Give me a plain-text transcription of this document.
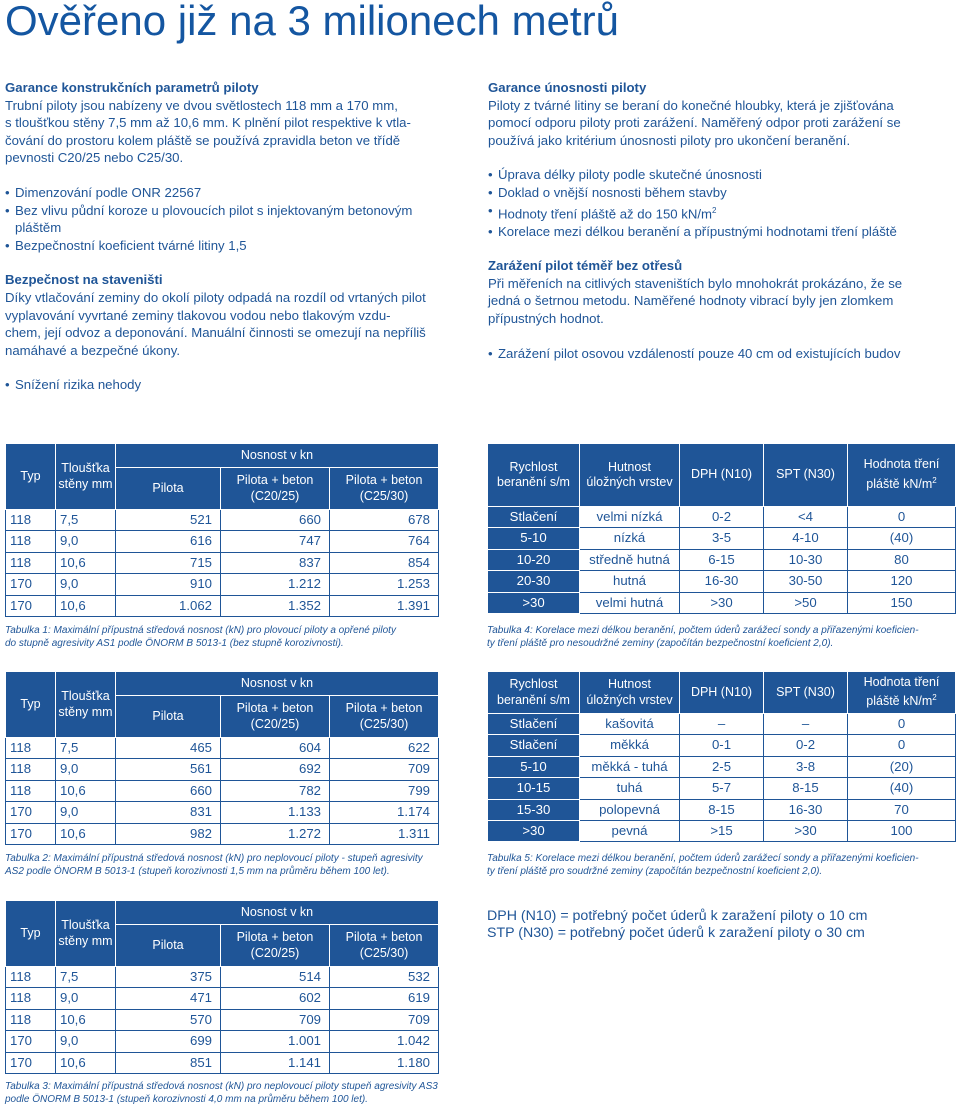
Ověřeno již na 3 milionech metrů

Garance konstrukčních parametrů piloty

Trubní piloty jsou nabízeny ve dvou světlostech 118 mm a 170 mm,

s tloušťkou stěny 7,5 mm až 10,6 mm. K plnění pilot respektive k vtla-

čování do prostoru kolem pláště se používá zpravidla beton ve třídě

pevnosti C20/25 nebo C25/30.

• Dimenzování podle ONR 22567
• Bez vlivu půdní koroze u plovoucích pilot s injektovaným betonovým
pláštěm
• Bezpečnostní koeficient tvárné litiny 1,5

Bezpečnost na staveništi

Díky vtlačování zeminy do okolí piloty odpadá na rozdíl od vrtaných pilot

vyplavování vyvrtané zeminy tlakovou vodou nebo tlakovým vzdu-

chem, její odvoz a deponování. Manuální činnosti se omezují na nepříliš

namáhavé a bezpečné úkony.

• Snížení rizika nehody

Garance únosnosti piloty

Piloty z tvárné litiny se beraní do konečné hloubky, která je zjišťována

pomocí odporu piloty proti zarážení. Naměřený odpor proti zarážení se

používá jako kritérium únosnosti piloty pro ukončení beranění.

• Úprava délky piloty podle skutečné únosnosti
• Doklad o vnější nosnosti během stavby
• Hodnoty tření pláště až do 150 $kN/m^2$
• Korelace mezi délkou beranění a přípustnými hodnotami tření pláště

Zarážení pilot téměř bez otřesů

Při měřeních na citlivých staveništích bylo mnohokrát prokázáno, že se

jedná o šetrnou metodu. Naměřené hodnoty vibrací byly jen zlomkem

přípustných hodnot.

• Zarážení pilot osovou vzdáleností pouze 40 cm od existujících budov
Typ	Tloušťka stěny mm	Nosnost v kn		
		Pilota	Pilota + beton (C20/25)	Pilota + beton (C25/30)
118	7,5	521	660	678
118	9,0	616	747	764
118	10,6	715	837	854
170	9,0	910	1.212	1.253
170	10,6	1.062	1.352	1.391
Tabulka 1: Maximální přípustná středová nosnost (kN) pro plovoucí piloty a opřené piloty
do stupně agresivity AS1 podle ÖNORM B 5013-1 (bez stupně korozivnosti).
Typ	Tloušťka stěny mm	Nosnost v kn		
		Pilota	Pilota + beton (C20/25)	Pilota + beton (C25/30)
118	7,5	465	604	622
118	9,0	561	692	709
118	10,6	660	782	799
170	9,0	831	1.133	1.174
170	10,6	982	1.272	1.311
Tabulka 2: Maximální přípustná středová nosnost (kN) pro neplovoucí piloty - stupeň agresivity
AS2 podle ÖNORM B 5013-1 (stupeň korozivnosti 1,5 mm na průměru během 100 let).
Typ	Tloušťka stěny mm	Nosnost v kn		
		Pilota	Pilota + beton (C20/25)	Pilota + beton (C25/30)
118	7,5	375	514	532
118	9,0	471	602	619
118	10,6	570	709	709
170	9,0	699	1.001	1.042
170	10,6	851	1.141	1.180
Tabulka 3: Maximální přípustná středová nosnost (kN) pro neplovoucí piloty stupeň agresivity AS3
podle ÖNORM B 5013-1 (stupeň korozivnosti 4,0 mm na průměru během 100 let).
Rychlost beranění s/m	Hutnost úložných vrstev	DPH (N10)	SPT (N30)	Hodnota tření pláště $kN/m^2$
Stlačení	velmi nízká	0-2	<4	0
5-10	nízká	3-5	4-10	(40)
10-20	středně hutná	6-15	10-30	80
20-30	hutná	16-30	30-50	120
>30	velmi hutná	>30	>50	150
Tabulka 4: Korelace mezi délkou beranění, počtem úderů zarážecí sondy a přiřazenými koeficien-
ty tření pláště pro nesoudržné zeminy (započítán bezpečnostní koeficient 2,0).
Rychlost beranění s/m	Hutnost úložných vrstev	DPH (N10)	SPT (N30)	Hodnota tření pláště $kN/m^2$
Stlačení	kašovitá	–	–	0
Stlačení	měkká	0-1	0-2	0
5-10	měkká - tuhá	2-5	3-8	(20)
10-15	tuhá	5-7	8-15	(40)
15-30	polopevná	8-15	16-30	70
>30	pevná	>15	>30	100
Tabulka 5: Korelace mezi délkou beranění, počtem úderů zarážecí sondy a přiřazenými koeficien-
ty tření pláště pro soudržné zeminy (započítán bezpečnostní koeficient 2,0).
DPH (N10) = potřebný počet úderů k zaražení piloty o 10 cm
STP (N30) = potřebný počet úderů k zaražení piloty o 30 cm
